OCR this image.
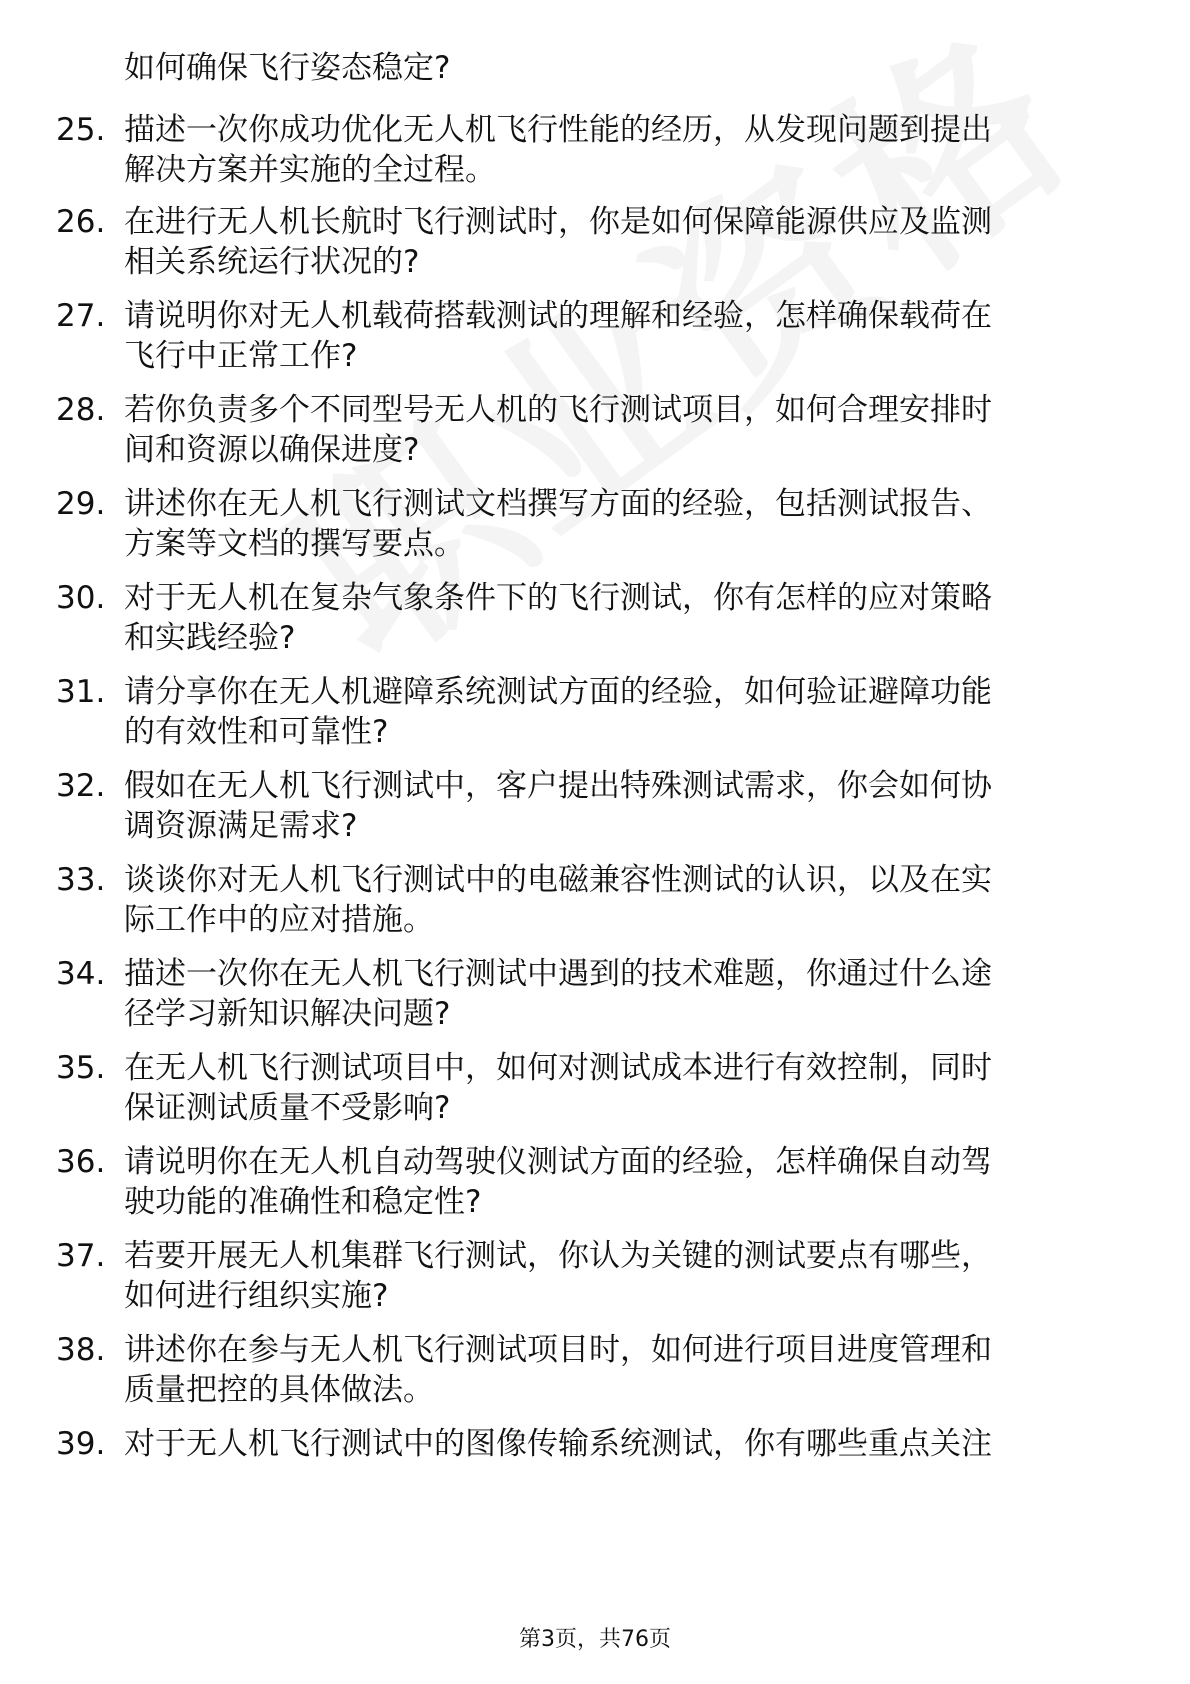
如何确保飞行姿态稳定?
25. 描述一次你成功优化无人机飞行性能的经历，从发现问题到提出
解决方案并实施的全过程。
26. 在进行无人机长航时飞行测试时，你是如何保障能源供应及监测
相关系统运行状况的?
27. 请说明你对无人机载荷搭载测试的理解和经验，怎样确保载荷在
飞行中正常工作?
28. 若你负责多个不同型号无人机的飞行测试项目，如何合理安排时
间和资源以确保进度?
29. 讲述你在无人机飞行测试文档撰写方面的经验，包括测试报告、
方案等文档的撰写要点。
30. 对于无人机在复杂气象条件下的飞行测试，你有怎样的应对策略
和实践经验?
31. 请分享你在无人机避障系统测试方面的经验，如何验证避障功能
的有效性和可靠性?
32. 假如在无人机飞行测试中，客户提出特殊测试需求，你会如何协
调资源满足需求?
33. 谈谈你对无人机飞行测试中的电磁兼容性测试的认识，以及在实
际工作中的应对措施。
34. 描述一次你在无人机飞行测试中遇到的技术难题，你通过什么途
径学习新知识解决问题?
35. 在无人机飞行测试项目中，如何对测试成本进行有效控制，同时
保证测试质量不受影响?
36. 请说明你在无人机自动驾驶仪测试方面的经验，怎样确保自动驾
驶功能的准确性和稳定性?
37. 若要开展无人机集群飞行测试，你认为关键的测试要点有哪些，
如何进行组织实施?
38. 讲述你在参与无人机飞行测试项目时，如何进行项目进度管理和
质量把控的具体做法。
39. 对于无人机飞行测试中的图像传输系统测试，你有哪些重点关注
第3页，共76页
